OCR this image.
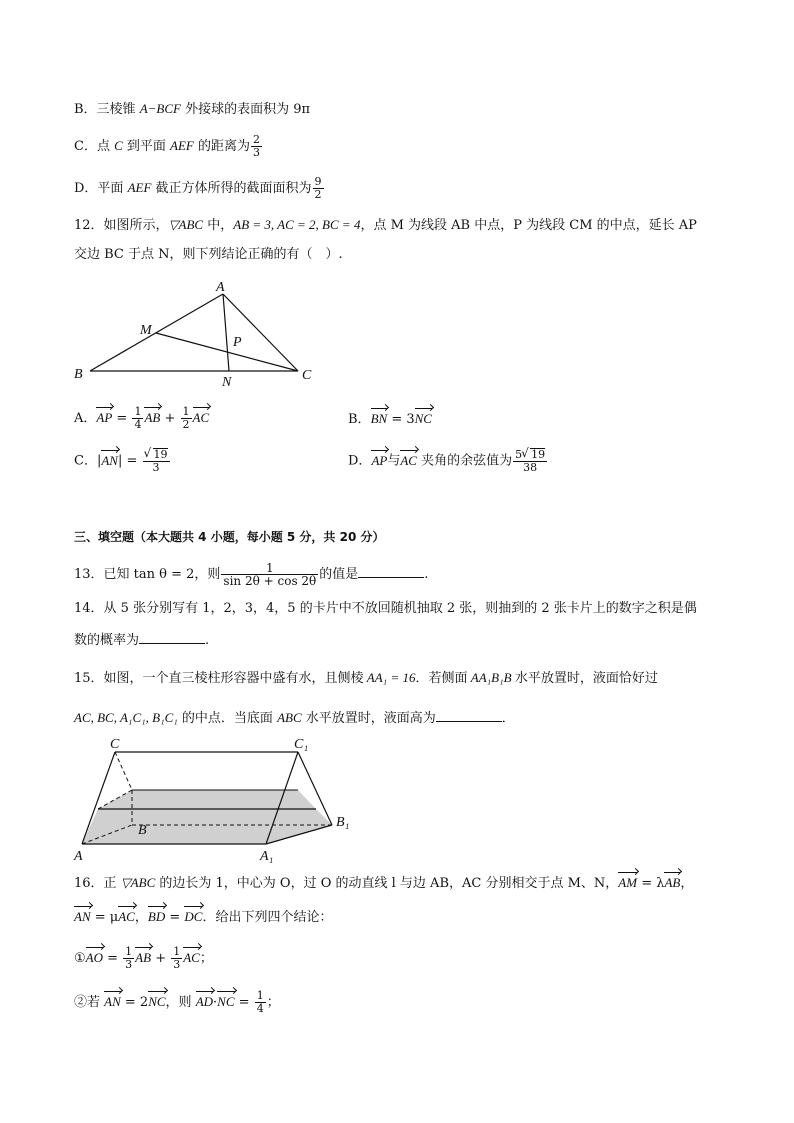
B．三棱锥 A−BCF 外接球的表面积为 9π
C．点 C 到平面 AEF 的距离为 $\frac{2}{3}$
D．平面 AEF 截正方体所得的截面面积为 $\frac{9}{2}$
12．如图所示，▽ABC 中，AB = 3, AC = 2, BC = 4，点 M 为线段 AB 中点，P 为线段 CM 的中点，延长 AP
交边 BC 于点 N，则下列结论正确的有（　）.
A
B	C
M
P
N
A．AP = $\frac{1}{4}$ AB + $\frac{1}{2}$ AC	B．BN = 3NC
C．|AN| = √ $\frac{19}{3}$	D．AP与AC 夹角的余弦值为 $\frac{5 √ 19}{38}$
三、填空题（本大题共 4 小题，每小题 5 分，共 20 分）
13．已知 tan θ = 2，则 $\frac{1}{\sin 2\theta + \cos 2\theta}$ 的值是	.
14．从 5 张分别写有 1，2，3，4，5 的卡片中不放回随机抽取 2 张，则抽到的 2 张卡片上的数字之积是偶
数的概率为	.
15．如图，一个直三棱柱形容器中盛有水，且侧棱 AA₁ = 16．若侧面 AA₁B₁B 水平放置时，液面恰好过
AC, BC, A₁C₁, B₁C₁ 的中点．当底面 ABC 水平放置时，液面高为	．
C	C₁
B
B₁
A	A₁
16．正 ▽ABC 的边长为 1，中心为 O，过 O 的动直线 l 与边 AB，AC 分别相交于点 M、N，AM = λAB，
AN = μAC，BD = DC．给出下列四个结论：
①AO = $\frac{1}{3}$ AB + $\frac{1}{3}$ AC；
②若 AN = 2NC，则 $AD\cdot NC = \frac{1}{4}$ ；
